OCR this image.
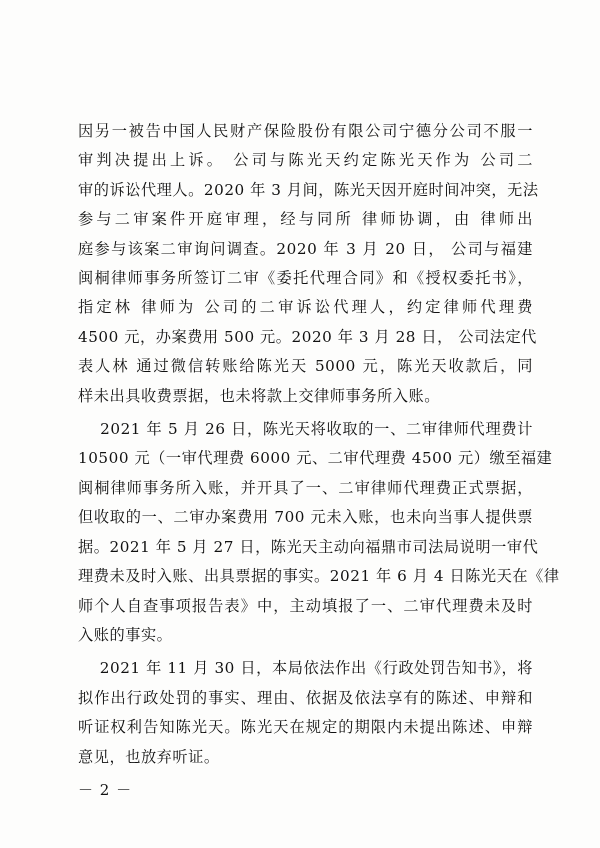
因另一被告中国人民财产保险股份有限公司宁德分公司不服一
审判决提出上诉。 公司与陈光天约定陈光天作为 公司二
审的诉讼代理人。2020 年 3 月间，陈光天因开庭时间冲突，无法
参与二审案件开庭审理，经与同所 律师协调，由 律师出
庭参与该案二审询问调查。2020 年 3 月 20 日， 公司与福建
闽桐律师事务所签订二审《委托代理合同》和《授权委托书》，
指定林 律师为 公司的二审诉讼代理人，约定律师代理费
4500 元，办案费用 500 元。2020 年 3 月 28 日， 公司法定代
表人林 通过微信转账给陈光天 5000 元，陈光天收款后，同
样未出具收费票据，也未将款上交律师事务所入账。

2021 年 5 月 26 日，陈光天将收取的一、二审律师代理费计
10500 元（一审代理费 6000 元、二审代理费 4500 元）缴至福建
闽桐律师事务所入账，并开具了一、二审律师代理费正式票据，
但收取的一、二审办案费用 700 元未入账，也未向当事人提供票
据。2021 年 5 月 27 日，陈光天主动向福鼎市司法局说明一审代
理费未及时入账、出具票据的事实。2021 年 6 月 4 日陈光天在《律
师个人自查事项报告表》中，主动填报了一、二审代理费未及时
入账的事实。

2021 年 11 月 30 日，本局依法作出《行政处罚告知书》，将
拟作出行政处罚的事实、理由、依据及依法享有的陈述、申辩和
听证权利告知陈光天。陈光天在规定的期限内未提出陈述、申辩
意见，也放弃听证。

－ 2 －
